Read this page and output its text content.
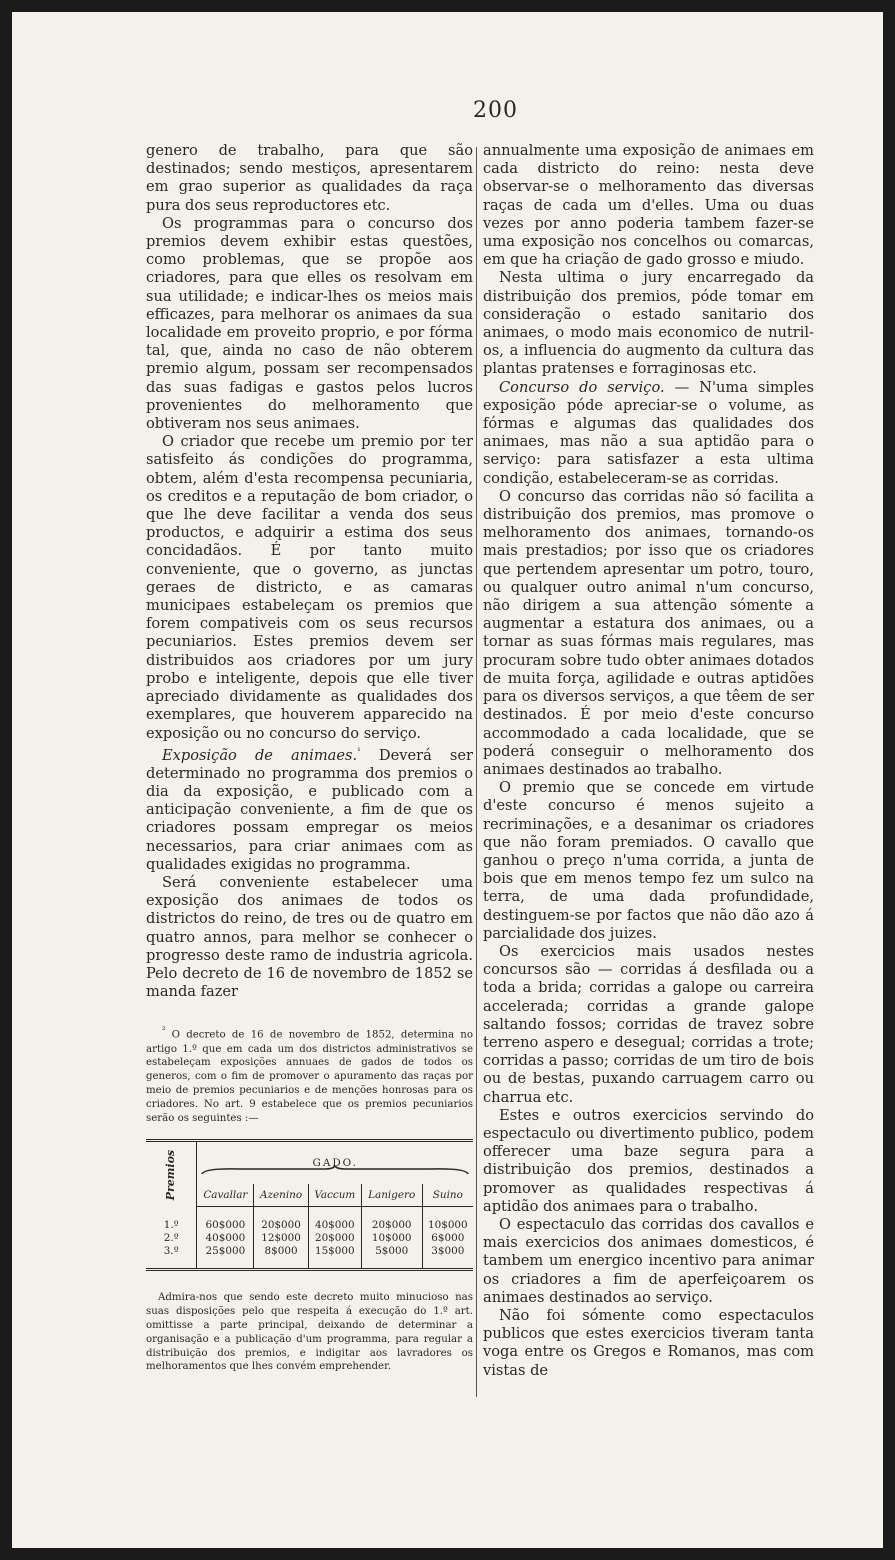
200

genero de trabalho, para que são destinados; sendo mestiços, apresentarem em grao superior as qualidades da raça pura dos seus reproductores etc.

Os programmas para o concurso dos premios devem exhibir estas questões, como problemas, que se propõe aos criadores, para que elles os resolvam em sua utilidade; e indicar-lhes os meios mais efficazes, para melhorar os animaes da sua localidade em proveito proprio, e por fórma tal, que, ainda no caso de não obterem premio algum, possam ser recompensados das suas fadigas e gastos pelos lucros provenientes do melhoramento que obtiveram nos seus animaes.

O criador que recebe um premio por ter satisfeito ás condições do programma, obtem, além d'esta recompensa pecuniaria, os creditos e a reputação de bom criador, o que lhe deve facilitar a venda dos seus productos, e adquirir a estima dos seus concidadãos. É por tanto muito conveniente, que o governo, as junctas geraes de districto, e as camaras municipaes estabeleçam os premios que forem compativeis com os seus recursos pecuniarios. Estes premios devem ser distribuidos aos criadores por um jury probo e inteligente, depois que elle tiver apreciado dividamente as qualidades dos exemplares, que houverem apparecido na exposição ou no concurso do serviço.

Exposição de animaes.$^{^1}$ Deverá ser determinado no programma dos premios o dia da exposição, e publicado com a anticipação conveniente, a fim de que os criadores possam empregar os meios necessarios, para criar animaes com as qualidades exigidas no programma.

Será conveniente estabelecer uma exposição dos animaes de todos os districtos do reino, de tres ou de quatro em quatro annos, para melhor se conhecer o progresso deste ramo de industria agricola. Pelo decreto de 16 de novembro de 1852 se manda fazer

² O decreto de 16 de novembro de 1852, determina no artigo 1.º que em cada um dos districtos administrativos se estabeleçam exposições annuaes de gados de todos os generos, com o fim de promover o apuramento das raças por meio de premios pecuniarios e de menções honrosas para os criadores. No art. 9 estabelece que os premios pecuniarios serão os seguintes :—

Premios	GADO.				

	Cavallar	Azenino	Vaccum	Lanigero	Suino
1.º	60$000	20$000	40$000	20$000	10$000
2.º	40$000	12$000	20$000	10$000	6$000
3.º	25$000	8$000	15$000	5$000	3$000
Admira-nos que sendo este decreto muito minucioso nas suas disposições pelo que respeita á execução do 1.º art. omittisse a parte principal, deixando de determinar a organisação e a publicação d'um programma, para regular a distribuição dos premios, e indigitar aos lavradores os melhoramentos que lhes convém emprehender.

annualmente uma exposição de animaes em cada districto do reino: nesta deve observar-se o melhoramento das diversas raças de cada um d'elles. Uma ou duas vezes por anno poderia tambem fazer-se uma exposição nos concelhos ou comarcas, em que ha criação de gado grosso e miudo.

Nesta ultima o jury encarregado da distribuição dos premios, póde tomar em consideração o estado sanitario dos animaes, o modo mais economico de nutril-os, a influencia do augmento da cultura das plantas pratenses e forraginosas etc.

Concurso do serviço. — N'uma simples exposição póde apreciar-se o volume, as fórmas e algumas das qualidades dos animaes, mas não a sua aptidão para o serviço: para satisfazer a esta ultima condição, estabeleceram-se as corridas.

O concurso das corridas não só facilita a distribuição dos premios, mas promove o melhoramento dos animaes, tornando-os mais prestadios; por isso que os criadores que pertendem apresentar um potro, touro, ou qualquer outro animal n'um concurso, não dirigem a sua attenção sómente a augmentar a estatura dos animaes, ou a tornar as suas fórmas mais regulares, mas procuram sobre tudo obter animaes dotados de muita força, agilidade e outras aptidões para os diversos serviços, a que têem de ser destinados. É por meio d'este concurso accommodado a cada localidade, que se poderá conseguir o melhoramento dos animaes destinados ao trabalho.

O premio que se concede em virtude d'este concurso é menos sujeito a recriminações, e a desanimar os criadores que não foram premiados. O cavallo que ganhou o preço n'uma corrida, a junta de bois que em menos tempo fez um sulco na terra, de uma dada profundidade, destinguem-se por factos que não dão azo á parcialidade dos juizes.

Os exercicios mais usados nestes concursos são — corridas á desfilada ou a toda a brida; corridas a galope ou carreira accelerada; corridas a grande galope saltando fossos; corridas de travez sobre terreno aspero e desegual; corridas a trote; corridas a passo; corridas de um tiro de bois ou de bestas, puxando carruagem carro ou charrua etc.

Estes e outros exercicios servindo do espectaculo ou divertimento publico, podem offerecer uma baze segura para a distribuição dos premios, destinados a promover as qualidades respectivas á aptidão dos animaes para o trabalho.

O espectaculo das corridas dos cavallos e mais exercicios dos animaes domesticos, é tambem um energico incentivo para animar os criadores a fim de aperfeiçoarem os animaes destinados ao serviço.

Não foi sómente como espectaculos publicos que estes exercicios tiveram tanta voga entre os Gregos e Romanos, mas com vistas de
